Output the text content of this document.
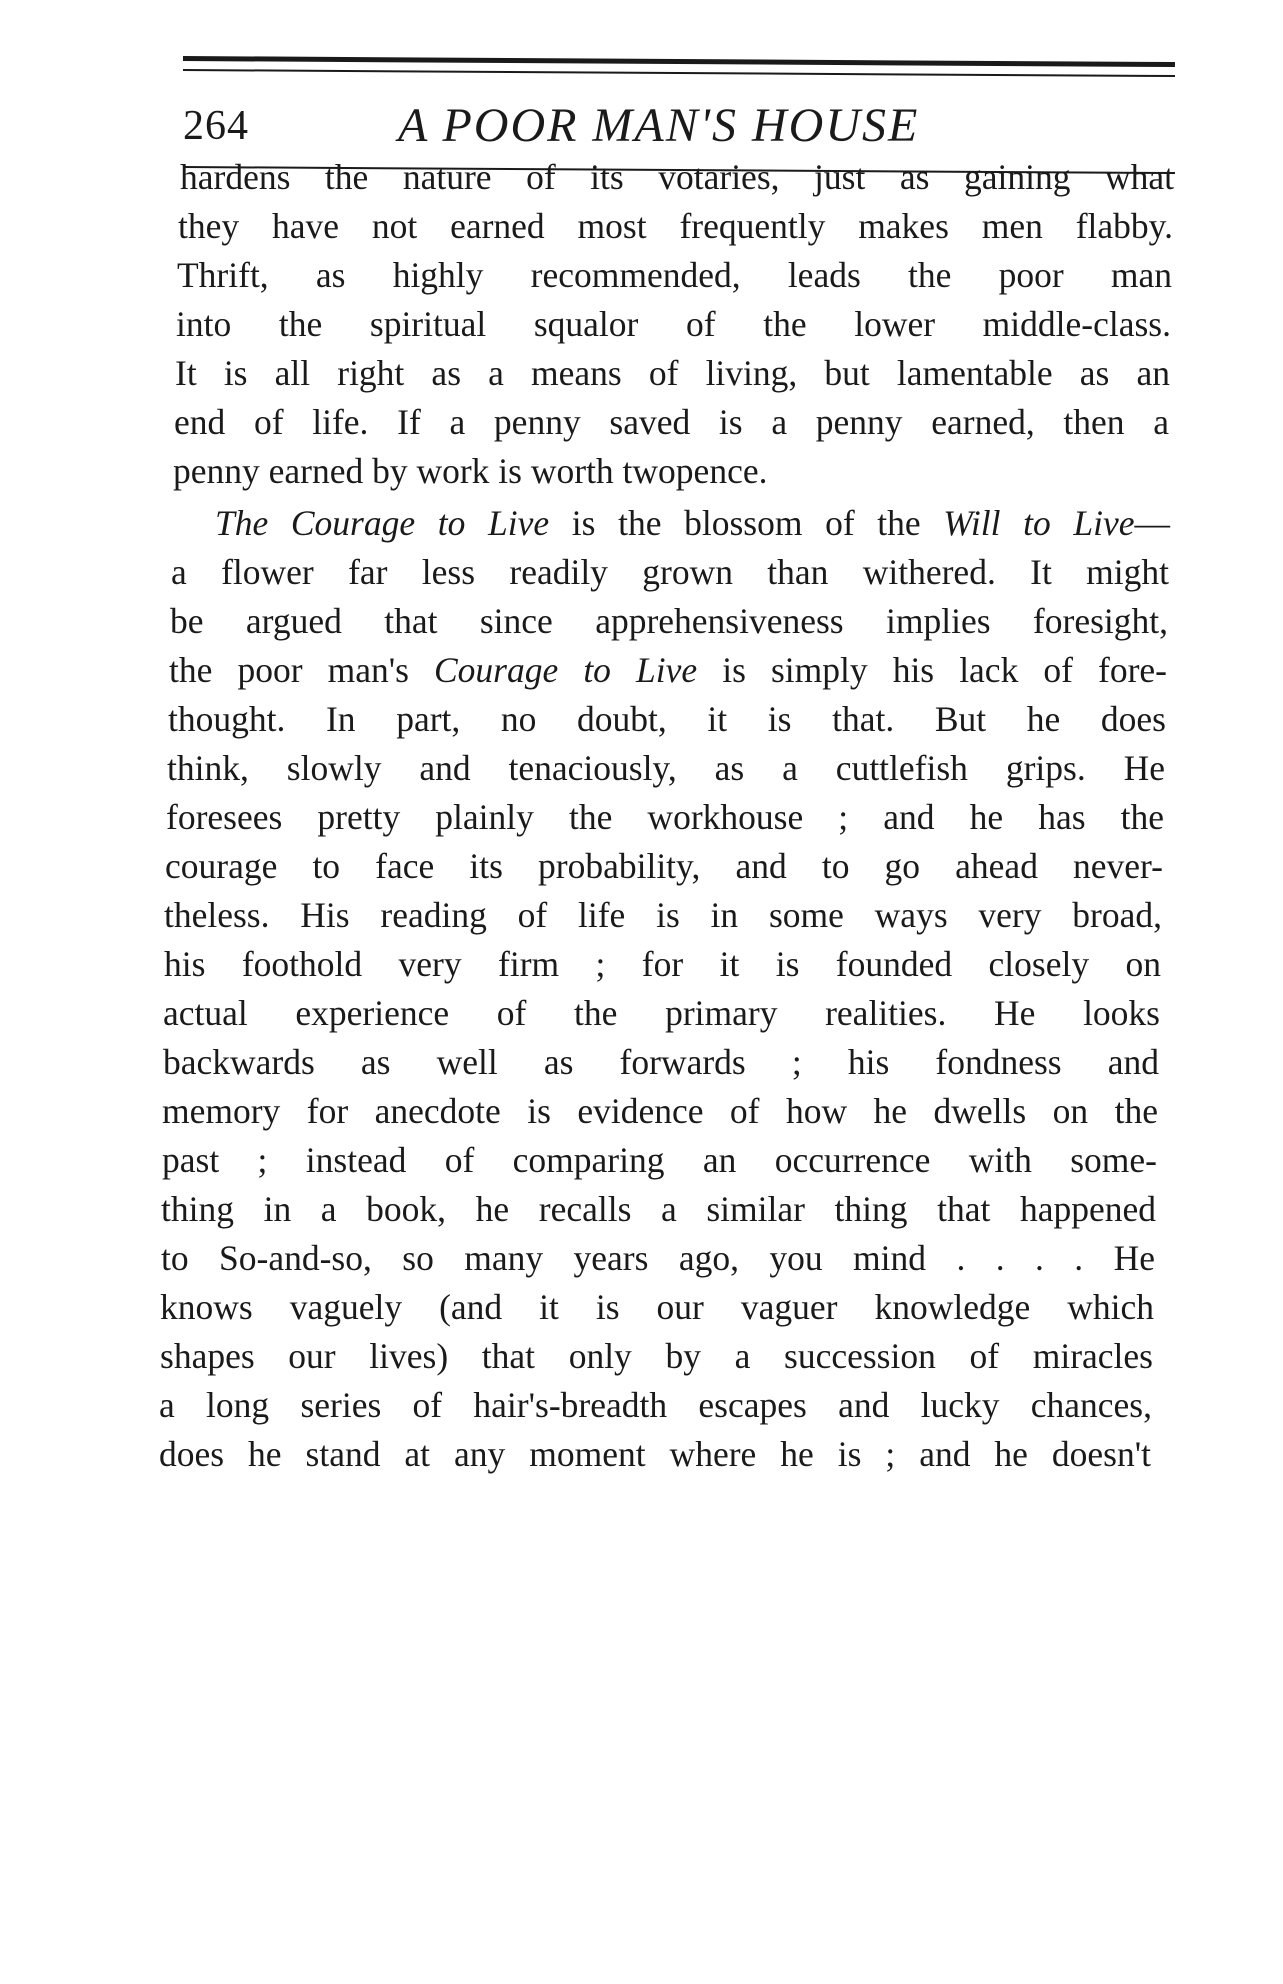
264	A POOR MAN'S HOUSE
hardens the nature of its votaries, just as gaining what
they have not earned most frequently makes men flabby.
Thrift, as highly recommended, leads the poor man
into the spiritual squalor of the lower middle-class.
It is all right as a means of living, but lamentable as an
end of life. If a penny saved is a penny earned, then a
penny earned by work is worth twopence.
The Courage to Live is the blossom of the Will to Live—
a flower far less readily grown than withered. It might
be argued that since apprehensiveness implies foresight,
the poor man's Courage to Live is simply his lack of fore-
thought. In part, no doubt, it is that. But he does
think, slowly and tenaciously, as a cuttlefish grips. He
foresees pretty plainly the workhouse ; and he has the
courage to face its probability, and to go ahead never-
theless. His reading of life is in some ways very broad,
his foothold very firm ; for it is founded closely on
actual experience of the primary realities. He looks
backwards as well as forwards ; his fondness and
memory for anecdote is evidence of how he dwells on the
past ; instead of comparing an occurrence with some-
thing in a book, he recalls a similar thing that happened
to So-and-so, so many years ago, you mind . . . . He
knows vaguely (and it is our vaguer knowledge which
shapes our lives) that only by a succession of miracles
a long series of hair's-breadth escapes and lucky chances,
does he stand at any moment where he is ; and he doesn't
